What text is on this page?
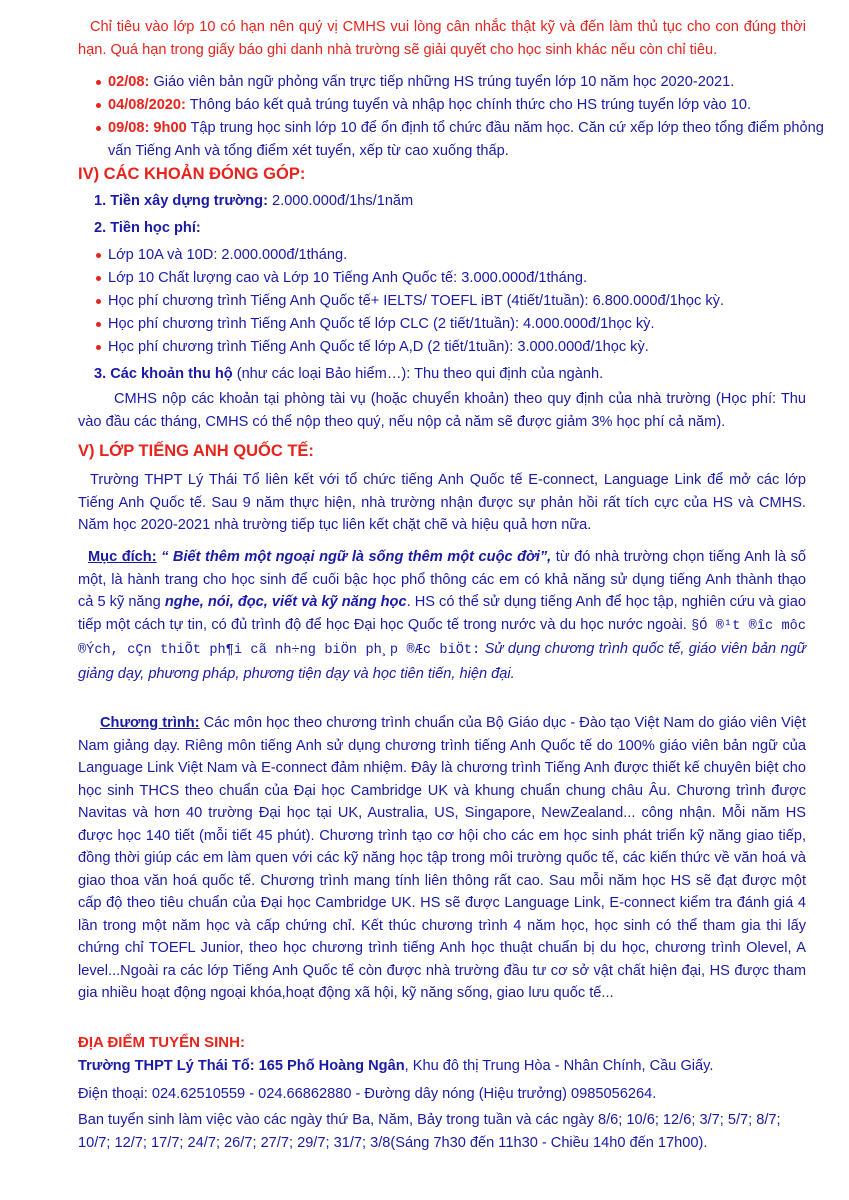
Chỉ tiêu vào lớp 10 có hạn nên quý vị CMHS vui lòng cân nhắc thật kỹ và đến làm thủ tục cho con đúng thời hạn. Quá hạn trong giấy báo ghi danh nhà trường sẽ giải quyết cho học sinh khác nếu còn chỉ tiêu.
02/08: Giáo viên bản ngữ phỏng vấn trực tiếp những HS trúng tuyển lớp 10 năm học 2020-2021.
04/08/2020: Thông báo kết quả trúng tuyển và nhập học chính thức cho HS trúng tuyển lớp vào 10.
09/08: 9h00 Tập trung học sinh lớp 10 để ổn định tổ chức đầu năm học. Căn cứ xếp lớp theo tổng điểm phỏng vấn Tiếng Anh và tổng điểm xét tuyển, xếp từ cao xuống thấp.
IV) CÁC KHOẢN ĐÓNG GÓP:
1. Tiền xây dựng trường: 2.000.000đ/1hs/1năm
2. Tiền học phí:
Lớp 10A và 10D: 2.000.000đ/1tháng.
Lớp 10 Chất lượng cao và Lớp 10 Tiếng Anh Quốc tế: 3.000.000đ/1tháng.
Học phí chương trình Tiếng Anh Quốc tế+ IELTS/ TOEFL iBT (4tiết/1tuần): 6.800.000đ/1học kỳ.
Học phí chương trình Tiếng Anh Quốc tế lớp CLC (2 tiết/1tuần): 4.000.000đ/1học kỳ.
Học phí chương trình Tiếng Anh Quốc tế lớp A,D (2 tiết/1tuần): 3.000.000đ/1học kỳ.
3. Các khoản thu hộ (như các loại Bảo hiểm…): Thu theo qui định của ngành.
CMHS nộp các khoản tại phòng tài vụ (hoặc chuyển khoản) theo quy định của nhà trường (Học phí: Thu vào đầu các tháng, CMHS có thể nộp theo quý, nếu nộp cả năm sẽ được giảm 3% học phí cả năm).
V) LỚP TIẾNG ANH QUỐC TẾ:
Trường THPT Lý Thái Tổ liên kết với tổ chức tiếng Anh Quốc tế E-connect, Language Link để mở các lớp Tiếng Anh Quốc tế. Sau 9 năm thực hiện, nhà trường nhận được sự phản hồi rất tích cực của HS và CMHS. Năm học 2020-2021 nhà trường tiếp tục liên kết chặt chẽ và hiệu quả hơn nữa.
Mục đích: “ Biết thêm một ngoại ngữ là sống thêm một cuộc đời”, từ đó nhà trường chọn tiếng Anh là số một, là hành trang cho học sinh để cuối bậc học phổ thông các em có khả năng sử dụng tiếng Anh thành thạo cả 5 kỹ năng nghe, nói, đọc, viết và kỹ năng học. HS có thể sử dụng tiếng Anh để học tập, nghiên cứu và giao tiếp một cách tự tin, có đủ trình độ để học Đại học Quốc tế trong nước và du học nước ngoài. §Ó ®¹t ®îc môc ®Ých, cÇn thiÕt ph¶i cã nh÷ng biÖn ph¸p ®Æc biÖt: Sử dụng chương trình quốc tế, giáo viên bản ngữ giảng dạy, phương pháp, phương tiện dạy và học tiên tiến, hiện đại.
Chương trình: Các môn học theo chương trình chuẩn của Bộ Giáo dục - Đào tạo Việt Nam do giáo viên Việt Nam giảng dạy. Riêng môn tiếng Anh sử dụng chương trình tiếng Anh Quốc tế do 100% giáo viên bản ngữ của Language Link Việt Nam và E-connect đảm nhiệm. Đây là chương trình Tiếng Anh được thiết kế chuyên biệt cho học sinh THCS theo chuẩn của Đại học Cambridge UK và khung chuẩn chung châu Âu. Chương trình được Navitas và hơn 40 trường Đại học tại UK, Australia, US, Singapore, NewZealand... công nhận. Mỗi năm HS được học 140 tiết (mỗi tiết 45 phút). Chương trình tạo cơ hội cho các em học sinh phát triển kỹ năng giao tiếp, đồng thời giúp các em làm quen với các kỹ năng học tập trong môi trường quốc tế, các kiến thức về văn hoá và giao thoa văn hoá quốc tế. Chương trình mang tính liên thông rất cao. Sau mỗi năm học HS sẽ đạt được một cấp độ theo tiêu chuẩn của Đại học Cambridge UK. HS sẽ được Language Link, E-connect kiểm tra đánh giá 4 lần trong một năm học và cấp chứng chỉ. Kết thúc chương trình 4 năm học, học sinh có thể tham gia thi lấy chứng chỉ TOEFL Junior, theo học chương trình tiếng Anh học thuật chuẩn bị du học, chương trình Olevel, A level...Ngoài ra các lớp Tiếng Anh Quốc tế còn được nhà trường đầu tư cơ sở vật chất hiện đại, HS được tham gia nhiều hoạt động ngoại khóa,hoạt động xã hội, kỹ năng sống, giao lưu quốc tế...
ĐỊA ĐIỂM TUYỂN SINH:
Trường THPT Lý Thái Tổ: 165 Phố Hoàng Ngân, Khu đô thị Trung Hòa - Nhân Chính, Cầu Giấy.
Điện thoại: 024.62510559 - 024.66862880 - Đường dây nóng (Hiệu trưởng) 0985056264.
Ban tuyển sinh làm việc vào các ngày thứ Ba, Năm, Bảy trong tuần và các ngày 8/6; 10/6; 12/6; 3/7; 5/7; 8/7; 10/7; 12/7; 17/7; 24/7; 26/7; 27/7; 29/7; 31/7; 3/8(Sáng 7h30 đến 11h30 - Chiều 14h0 đến 17h00).
